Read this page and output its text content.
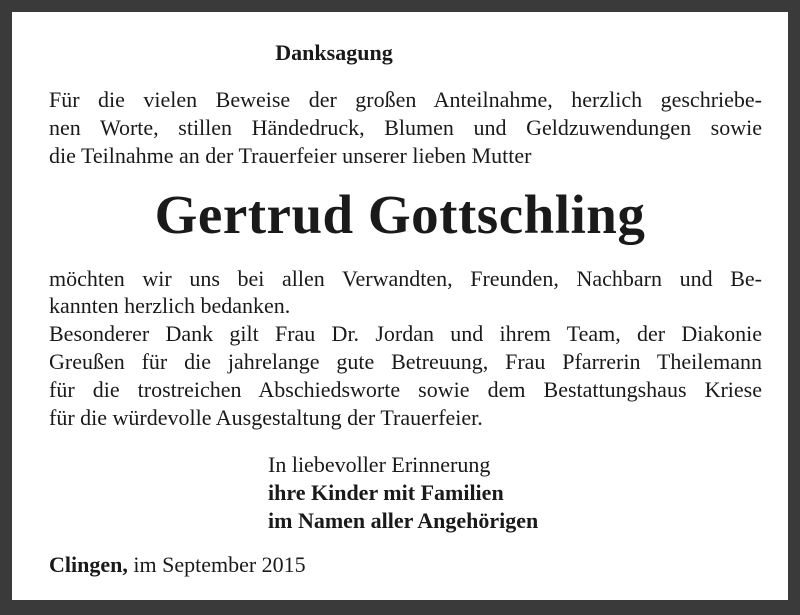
Danksagung
Für die vielen Beweise der großen Anteilnahme, herzlich geschriebe-
nen Worte, stillen Händedruck, Blumen und Geldzuwendungen sowie
die Teilnahme an der Trauerfeier unserer lieben Mutter
Gertrud Gottschling
möchten wir uns bei allen Verwandten, Freunden, Nachbarn und Be-
kannten herzlich bedanken.
Besonderer Dank gilt Frau Dr. Jordan und ihrem Team, der Diakonie
Greußen für die jahrelange gute Betreuung, Frau Pfarrerin Theilemann
für die trostreichen Abschiedsworte sowie dem Bestattungshaus Kriese
für die würdevolle Ausgestaltung der Trauerfeier.
In liebevoller Erinnerung
ihre Kinder mit Familien
im Namen aller Angehörigen
Clingen, im September 2015
